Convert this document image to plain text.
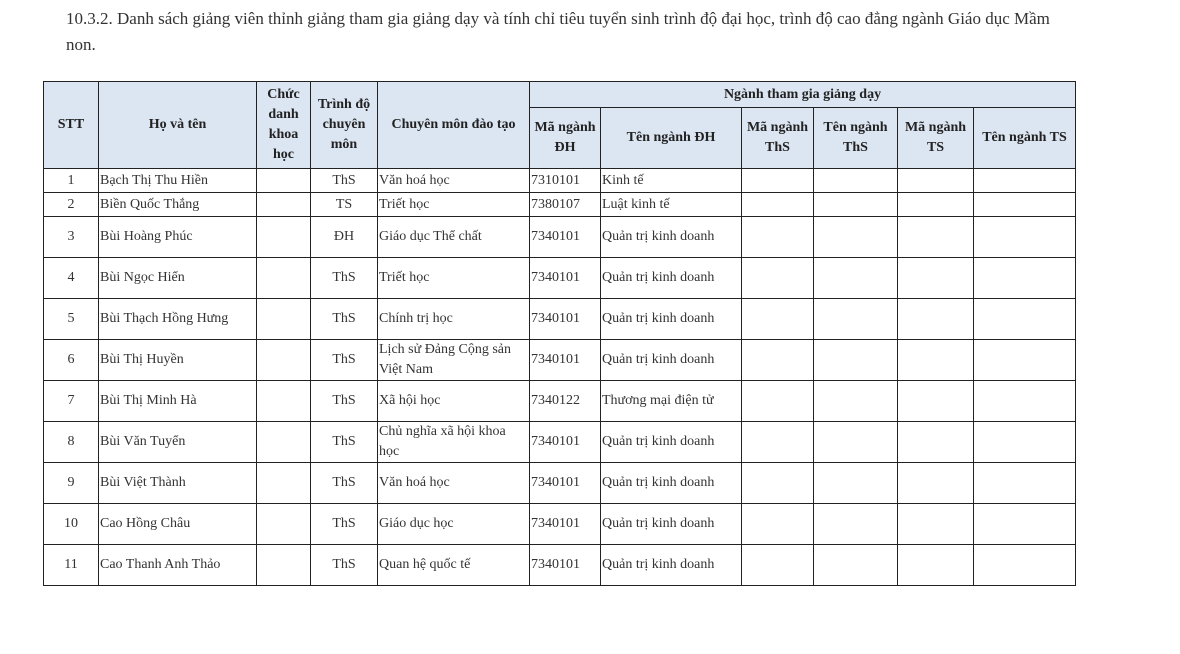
10.3.2. Danh sách giảng viên thỉnh giảng tham gia giảng dạy và tính chỉ tiêu tuyển sinh trình độ đại học, trình độ cao đẳng ngành Giáo dục Mầm non.
STT	Họ và tên	Chức danh khoa học	Trình độ chuyên môn	Chuyên môn đào tạo	Ngành tham gia giảng dạy					
					Mã ngành ĐH	Tên ngành ĐH	Mã ngành ThS	Tên ngành ThS	Mã ngành TS	Tên ngành TS
1	Bạch Thị Thu Hiền		ThS	Văn hoá học	7310101	Kinh tế				
2	Biền Quốc Thắng		TS	Triết học	7380107	Luật kinh tế				
3	Bùi Hoàng Phúc		ĐH	Giáo dục Thể chất	7340101	Quản trị kinh doanh				
4	Bùi Ngọc Hiển		ThS	Triết học	7340101	Quản trị kinh doanh				
5	Bùi Thạch Hồng Hưng		ThS	Chính trị học	7340101	Quản trị kinh doanh				
6	Bùi Thị Huyền		ThS	Lịch sử Đảng Cộng sản Việt Nam	7340101	Quản trị kinh doanh				
7	Bùi Thị Minh Hà		ThS	Xã hội học	7340122	Thương mại điện tử				
8	Bùi Văn Tuyển		ThS	Chủ nghĩa xã hội khoa học	7340101	Quản trị kinh doanh				
9	Bùi Việt Thành		ThS	Văn hoá học	7340101	Quản trị kinh doanh				
10	Cao Hồng Châu		ThS	Giáo dục học	7340101	Quản trị kinh doanh				
11	Cao Thanh Anh Thảo		ThS	Quan hệ quốc tế	7340101	Quản trị kinh doanh				
